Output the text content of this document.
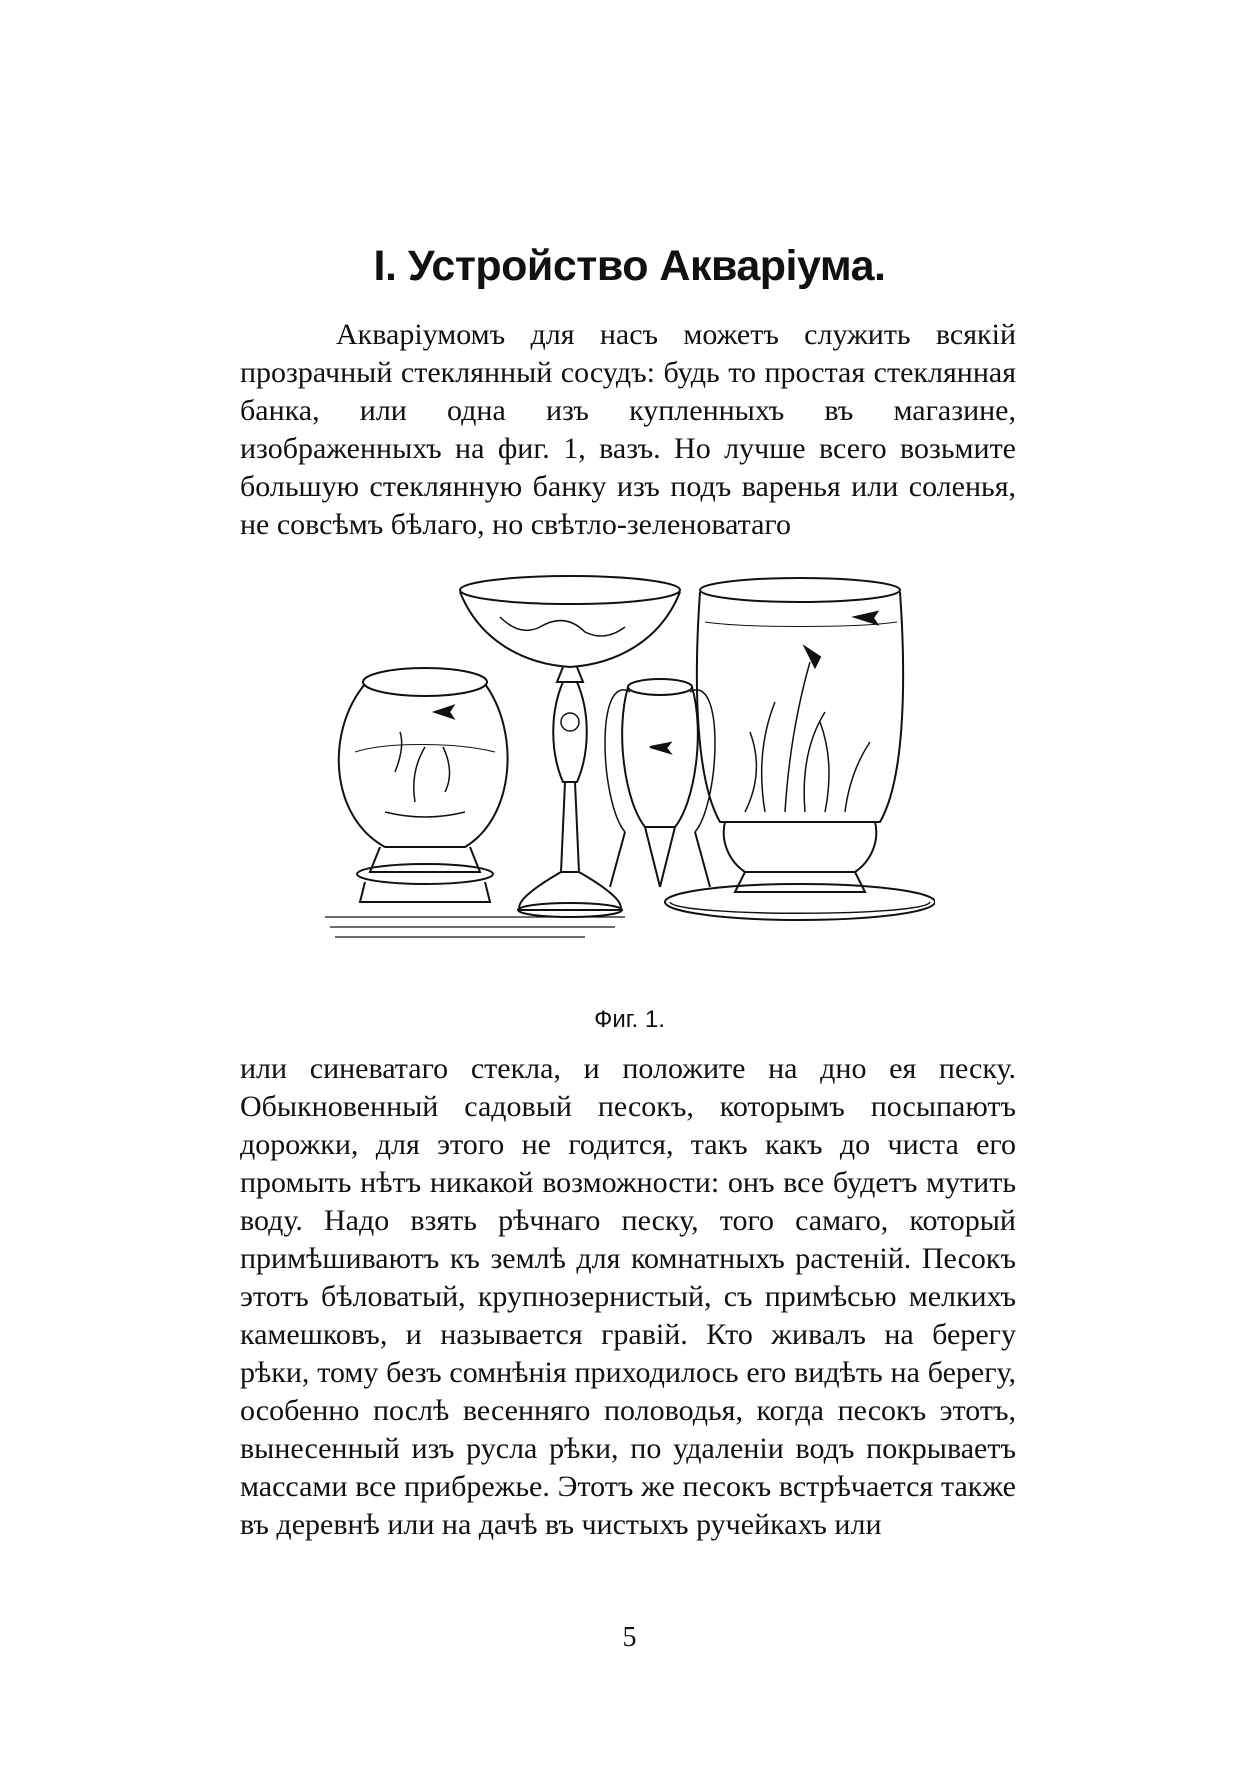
I. Устройство Акваріума.
Акваріумомъ для насъ можетъ служить всякій прозрачный стеклянный сосудъ: будь то простая стеклянная банка, или одна изъ купленныхъ въ магазине, изображенныхъ на фиг. 1, вазъ. Но лучше всего возьмите большую стеклянную банку изъ подъ варенья или соленья, не совсѣмъ бѣлаго, но свѣтло-зеленоватаго
Фиг. 1.
или синеватаго стекла, и положите на дно ея песку. Обыкновенный садовый песокъ, которымъ посыпаютъ дорожки, для этого не годится, такъ какъ до чиста его промыть нѣтъ никакой возможности: онъ все будетъ мутить воду. Надо взять рѣчнаго песку, того самаго, который примѣшиваютъ къ землѣ для комнатныхъ растеній. Песокъ этотъ бѣловатый, крупнозернистый, съ примѣсью мелкихъ камешковъ, и называется гравій. Кто живалъ на берегу рѣки, тому безъ сомнѣнія приходилось его видѣть на берегу, особенно послѣ весенняго половодья, когда песокъ этотъ, вынесенный изъ русла рѣки, по удаленіи водъ покрываетъ массами все прибрежье. Этотъ же песокъ встрѣчается также въ деревнѣ или на дачѣ въ чистыхъ ручейкахъ или
5
